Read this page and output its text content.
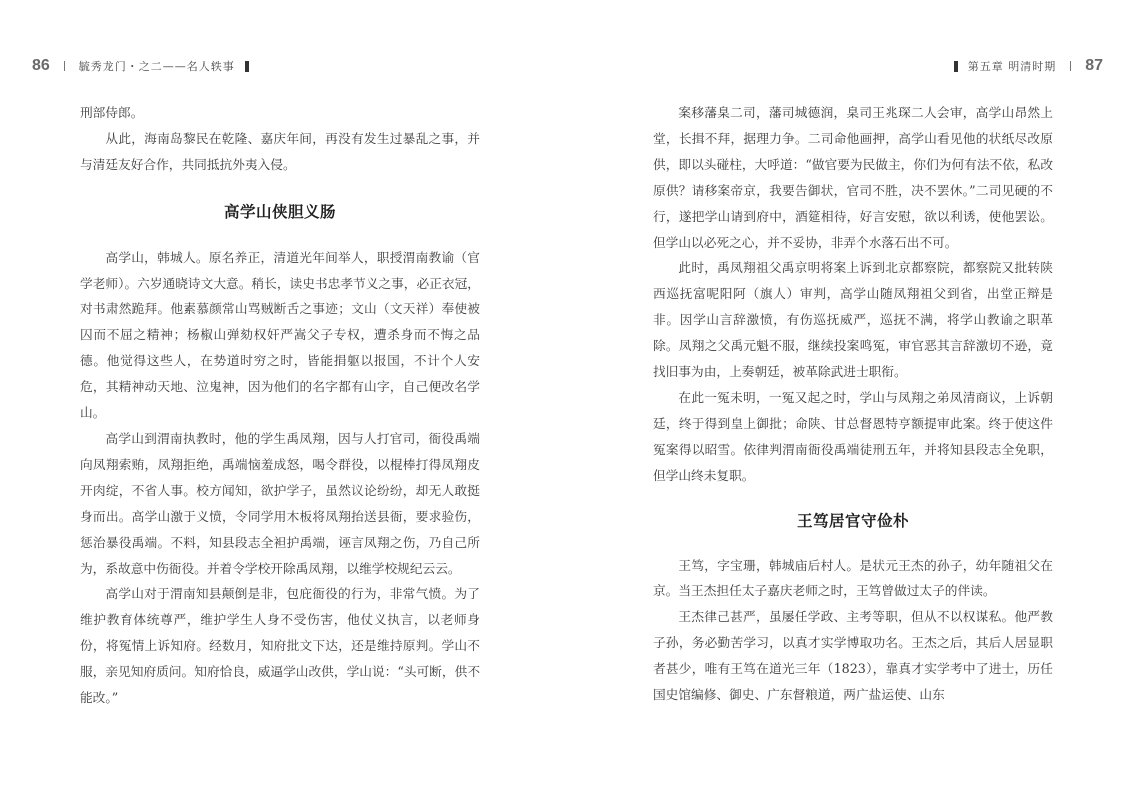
86	毓秀龙门・之二——名人轶事

刑部侍郎。

从此，海南岛黎民在乾隆、嘉庆年间，再没有发生过暴乱之事，并与清廷友好合作，共同抵抗外夷入侵。

高学山侠胆义肠

高学山，韩城人。原名养正，清道光年间举人，职授渭南教谕（官学老师）。六岁通晓诗文大意。稍长，读史书忠孝节义之事，必正衣冠，对书肃然跪拜。他素慕颜常山骂贼断舌之事迹；文山（文天祥）奉使被囚而不屈之精神；杨椒山弹劾权奸严嵩父子专权，遭杀身而不悔之品德。他觉得这些人，在势道时穷之时，皆能捐躯以报国，不计个人安危，其精神动天地、泣鬼神，因为他们的名字都有山字，自己便改名学山。

高学山到渭南执教时，他的学生禹凤翔，因与人打官司，衙役禹端向凤翔索贿，凤翔拒绝，禹端恼羞成怒，喝令群役，以棍棒打得凤翔皮开肉绽，不省人事。校方闻知，欲护学子，虽然议论纷纷，却无人敢挺身而出。高学山激于义愤，令同学用木板将凤翔抬送县衙，要求验伤，惩治暴役禹端。不料，知县段志全袒护禹端，诬言凤翔之伤，乃自己所为，系故意中伤衙役。并着令学校开除禹凤翔，以维学校规纪云云。

高学山对于渭南知县颠倒是非，包庇衙役的行为，非常气愤。为了维护教育体统尊严，维护学生人身不受伤害，他仗义执言，以老师身份，将冤情上诉知府。经数月，知府批文下达，还是维持原判。学山不服，亲见知府质问。知府恰良，威逼学山改供，学山说：“头可断，供不能改。”

第五章 明清时期 87

案移藩臬二司，藩司城德润，臬司王兆琛二人会审，高学山昂然上堂，长揖不拜，据理力争。二司命他画押，高学山看见他的状纸尽改原供，即以头碰柱，大呼道：“做官要为民做主，你们为何有法不依，私改原供？请移案帝京，我要告御状，官司不胜，决不罢休。”二司见硬的不行，遂把学山请到府中，酒筵相待，好言安慰，欲以利诱，使他罢讼。但学山以必死之心，并不妥协，非弄个水落石出不可。

此时，禹凤翔祖父禹京明将案上诉到北京都察院，都察院又批转陕西巡抚富呢阳阿（旗人）审判，高学山随凤翔祖父到省，出堂正辩是非。因学山言辞激愤，有伤巡抚威严，巡抚不满，将学山教谕之职革除。凤翔之父禹元魁不服，继续投案鸣冤，审官恶其言辞激切不逊，竟找旧事为由，上奏朝廷，被革除武进士职衔。

在此一冤未明，一冤又起之时，学山与凤翔之弟凤清商议，上诉朝廷，终于得到皇上御批；命陕、甘总督恩特亨额提审此案。终于使这件冤案得以昭雪。依律判渭南衙役禹端徒刑五年，并将知县段志全免职，但学山终未复职。

王笃居官守俭朴

王笃，字宝珊，韩城庙后村人。是状元王杰的孙子，幼年随祖父在京。当王杰担任太子嘉庆老师之时，王笃曾做过太子的伴读。

王杰律己甚严，虽屡任学政、主考等职，但从不以权谋私。他严教子孙，务必勤苦学习，以真才实学博取功名。王杰之后，其后人居显职者甚少，唯有王笃在道光三年（1823），靠真才实学考中了进士，历任国史馆编修、御史、广东督粮道，两广盐运使、山东
